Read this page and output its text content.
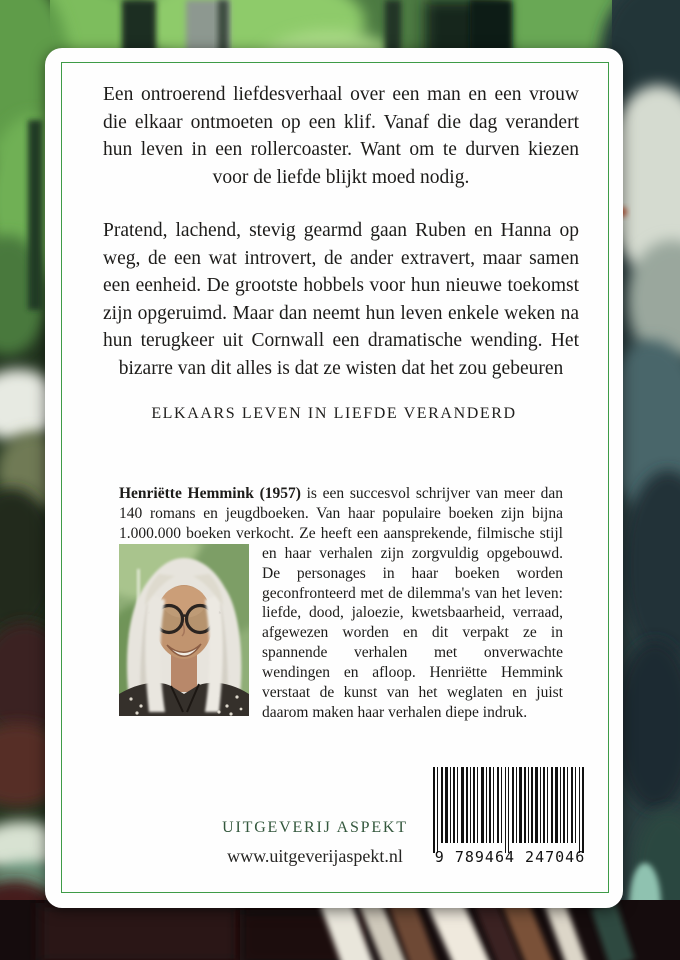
Een ontroerend liefdesverhaal over een man en een vrouw die elkaar ontmoeten op een klif. Vanaf die dag verandert hun leven in een rollercoaster. Want om te durven kiezen voor de liefde blijkt moed nodig.

Pratend, lachend, stevig gearmd gaan Ruben en Hanna op weg, de een wat introvert, de ander extravert, maar samen een eenheid. De grootste hobbels voor hun nieuwe toekomst zijn opgeruimd. Maar dan neemt hun leven enkele weken na hun terugkeer uit Cornwall een dramatische wending. Het bizarre van dit alles is dat ze wisten dat het zou gebeuren

ELKAARS LEVEN IN LIEFDE VERANDERD

Henriëtte Hemmink (1957) is een succesvol schrijver van meer dan 140 romans en jeugdboeken. Van haar populaire boeken zijn bijna 1.000.000 boeken verkocht. Ze heeft een aansprekende, filmische stijl en haar verhalen zijn zorgvuldig opgebouwd. De personages in haar boeken worden geconfronteerd met de dilemma's van het leven: liefde, dood, jaloezie, kwetsbaarheid, verraad, afgewezen worden en dit verpakt ze in spannende verhalen met onverwachte wendingen en afloop. Henriëtte Hemmink verstaat de kunst van het weglaten en juist daarom maken haar verhalen diepe indruk.

UITGEVERIJ ASPEKT
www.uitgeverijaspekt.nl	9 789464 247046
